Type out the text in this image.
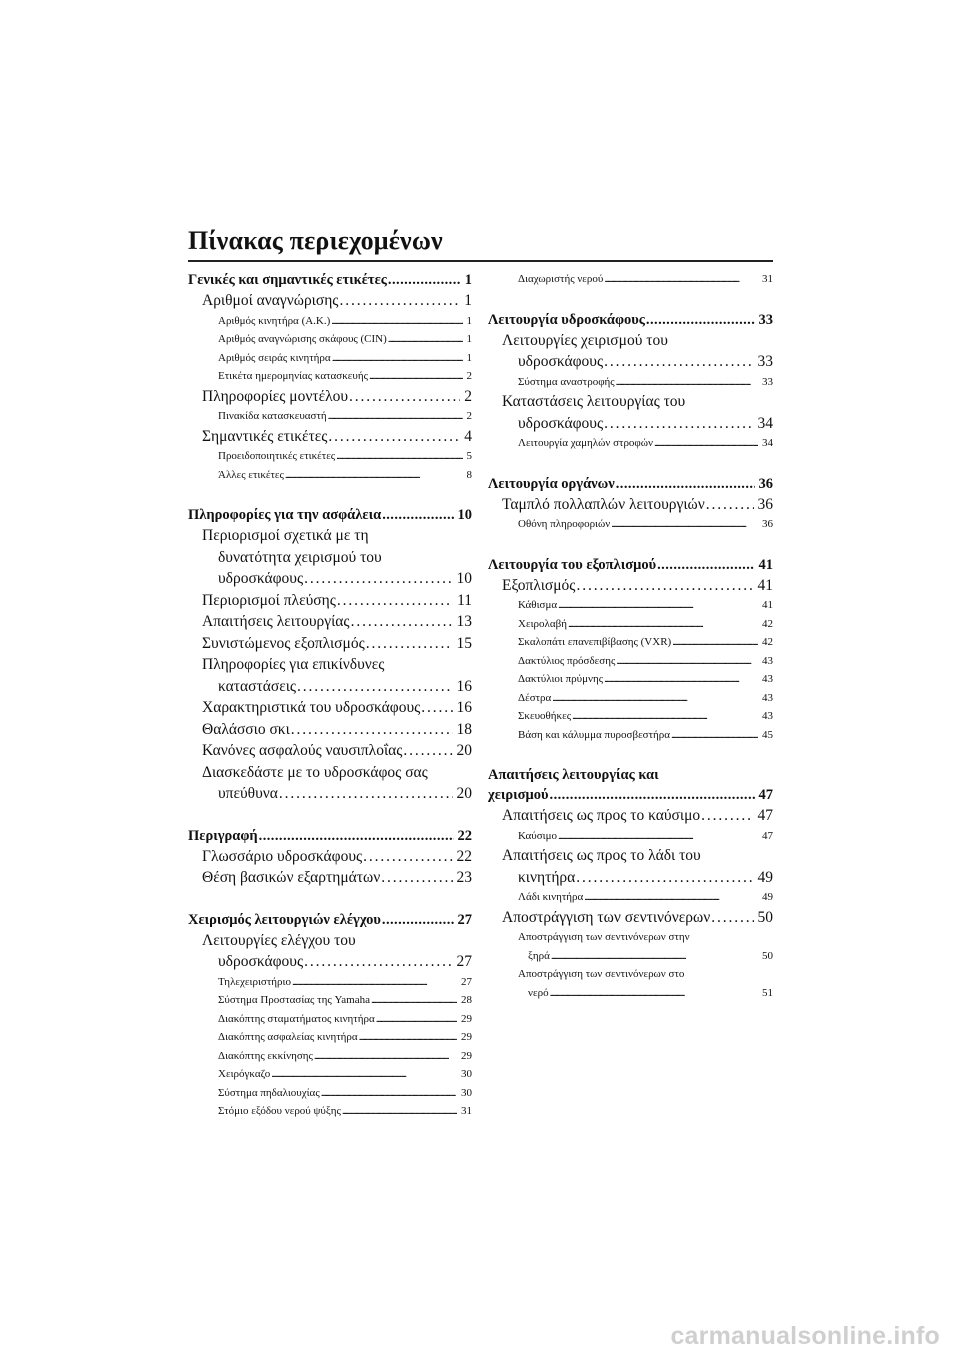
Πίνακας περιεχομένων
Γενικές και σημαντικές ετικέτες . . .	1
Αριθμοί αναγνώρισης . . .	1
Αριθμός κινητήρα (Α.Κ.) . . .	1
Αριθμός αναγνώρισης σκάφους (CIN) . . .	1
Αριθμός σειράς κινητήρα . . .	1
Ετικέτα ημερομηνίας κατασκευής . . .	2
Πληροφορίες μοντέλου . . .	2
Πινακίδα κατασκευαστή . . .	2
Σημαντικές ετικέτες . . .	4
Προειδοποιητικές ετικέτες . . .	5
Άλλες ετικέτες . . .	8
Πληροφορίες για την ασφάλεια . . .	10
Περιορισμοί σχετικά με τη
δυνατότητα χειρισμού του
υδροσκάφους . . .	10
Περιορισμοί πλεύσης . . .	11
Απαιτήσεις λειτουργίας . . .	13
Συνιστώμενος εξοπλισμός . . .	15
Πληροφορίες για επικίνδυνες
καταστάσεις . . .	16
Χαρακτηριστικά του υδροσκάφους . . . 16
Θαλάσσιο σκι . . .	18
Κανόνες ασφαλούς ναυσιπλοΐας . . .	20
Διασκεδάστε με το υδροσκάφος σας
υπεύθυνα . . .	20
Περιγραφή . . .	22
Γλωσσάριο υδροσκάφους . . .	22
Θέση βασικών εξαρτημάτων . . .	23
Χειρισμός λειτουργιών ελέγχου . . .	27
Λειτουργίες ελέγχου του
υδροσκάφους . . .	27
Τηλεχειριστήριο . . .	27
Σύστημα Προστασίας της Yamaha . . .	28
Διακόπτης σταματήματος κινητήρα . . .	29
Διακόπτης ασφαλείας κινητήρα . . .	29
Διακόπτης εκκίνησης . . .	29
Χειρόγκαζο . . .	30
Σύστημα πηδαλιουχίας . . .	30
Στόμιο εξόδου νερού ψύξης . . .	31
Διαχωριστής νερού . . .	31
Λειτουργία υδροσκάφους . . .	33
Λειτουργίες χειρισμού του
υδροσκάφους . . .	33
Σύστημα αναστροφής . . .	33
Καταστάσεις λειτουργίας του
υδροσκάφους . . .	34
Λειτουργία χαμηλών στροφών . . .	34
Λειτουργία οργάνων . . .	36
Ταμπλό πολλαπλών λειτουργιών . . .	36
Οθόνη πληροφοριών . . .	36
Λειτουργία του εξοπλισμού . . .	41
Εξοπλισμός . . .	41
Κάθισμα . . .	41
Χειρολαβή . . .	42
Σκαλοπάτι επανεπιβίβασης (VXR) . . .	42
Δακτύλιος πρόσδεσης . . .	43
Δακτύλιοι πρύμνης . . .	43
Δέστρα . . .	43
Σκευοθήκες . . .	43
Βάση και κάλυμμα πυροσβεστήρα . . .	45
Απαιτήσεις λειτουργίας και
χειρισμού . . .	47
Απαιτήσεις ως προς το καύσιμο . . .	47
Καύσιμο . . .	47
Απαιτήσεις ως προς το λάδι του
κινητήρα . . .	49
Λάδι κινητήρα . . .	49
Αποστράγγιση των σεντινόνερων . . .	50
Αποστράγγιση των σεντινόνερων στην
ξηρά . . .	50
Αποστράγγιση των σεντινόνερων στο
νερό . . .	51
carmanualsonline.info
